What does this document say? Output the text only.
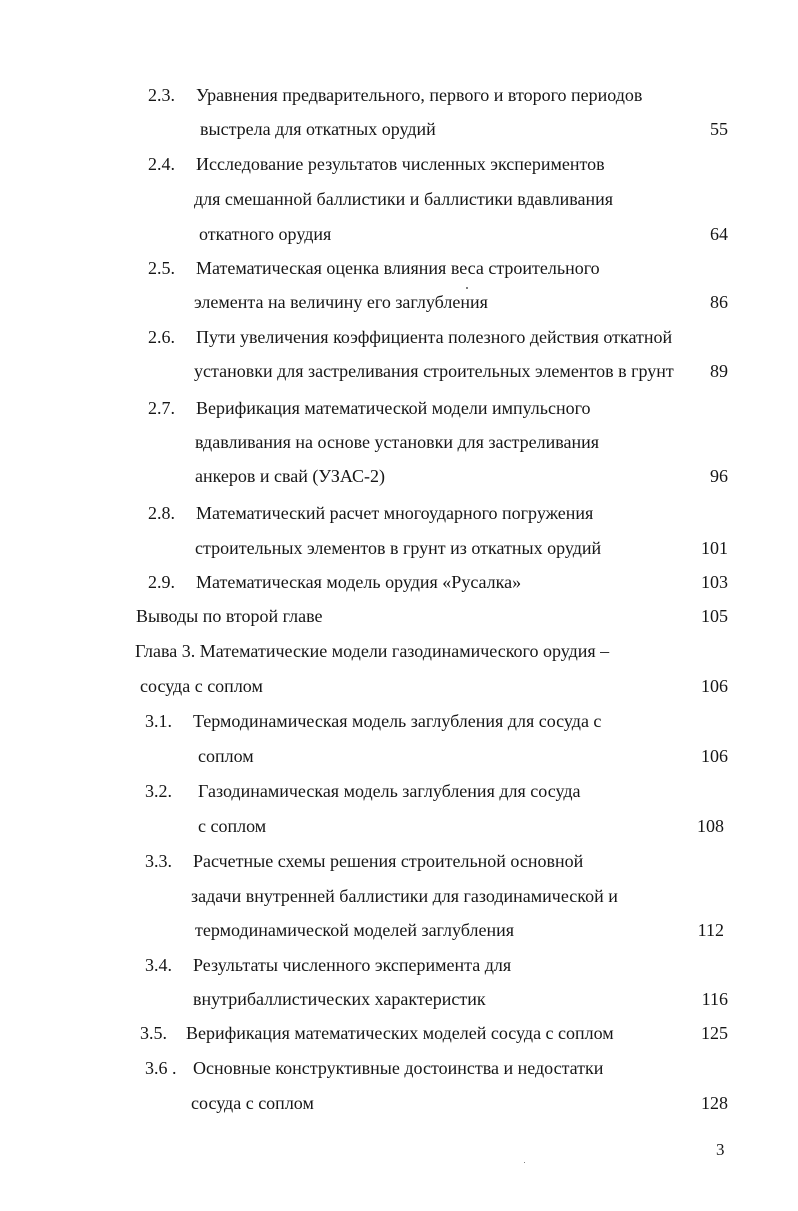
2.3. Уравнения предварительного, первого и второго периодов
выстрела для откатных орудий	55
2.4. Исследование результатов численных экспериментов
для смешанной баллистики и баллистики вдавливания
откатного орудия	64
2.5. Математическая оценка влияния веса строительного
элемента на величину его заглубления	86
2.6. Пути увеличения коэффициента полезного действия откатной
установки для застреливания строительных элементов в грунт	89
2.7. Верификация математической модели импульсного
вдавливания на основе установки для застреливания
анкеров и свай (УЗАС-2)	96
2.8. Математический расчет многоударного погружения
строительных элементов в грунт из откатных орудий	101
2.9. Математическая модель орудия «Русалка»	103
Выводы по второй главе	105
Глава 3. Математические модели газодинамического орудия –
сосуда с соплом	106
3.1. Термодинамическая модель заглубления для сосуда с
соплом	106
3.2. Газодинамическая модель заглубления для сосуда
с соплом	108
3.3. Расчетные схемы решения строительной основной
задачи внутренней баллистики для газодинамической и
термодинамической моделей заглубления	112
3.4. Результаты численного эксперимента для
внутрибаллистических характеристик	116
3.5. Верификация математических моделей сосуда с соплом	125
3.6 . Основные конструктивные достоинства и недостатки
сосуда с соплом	128
3
